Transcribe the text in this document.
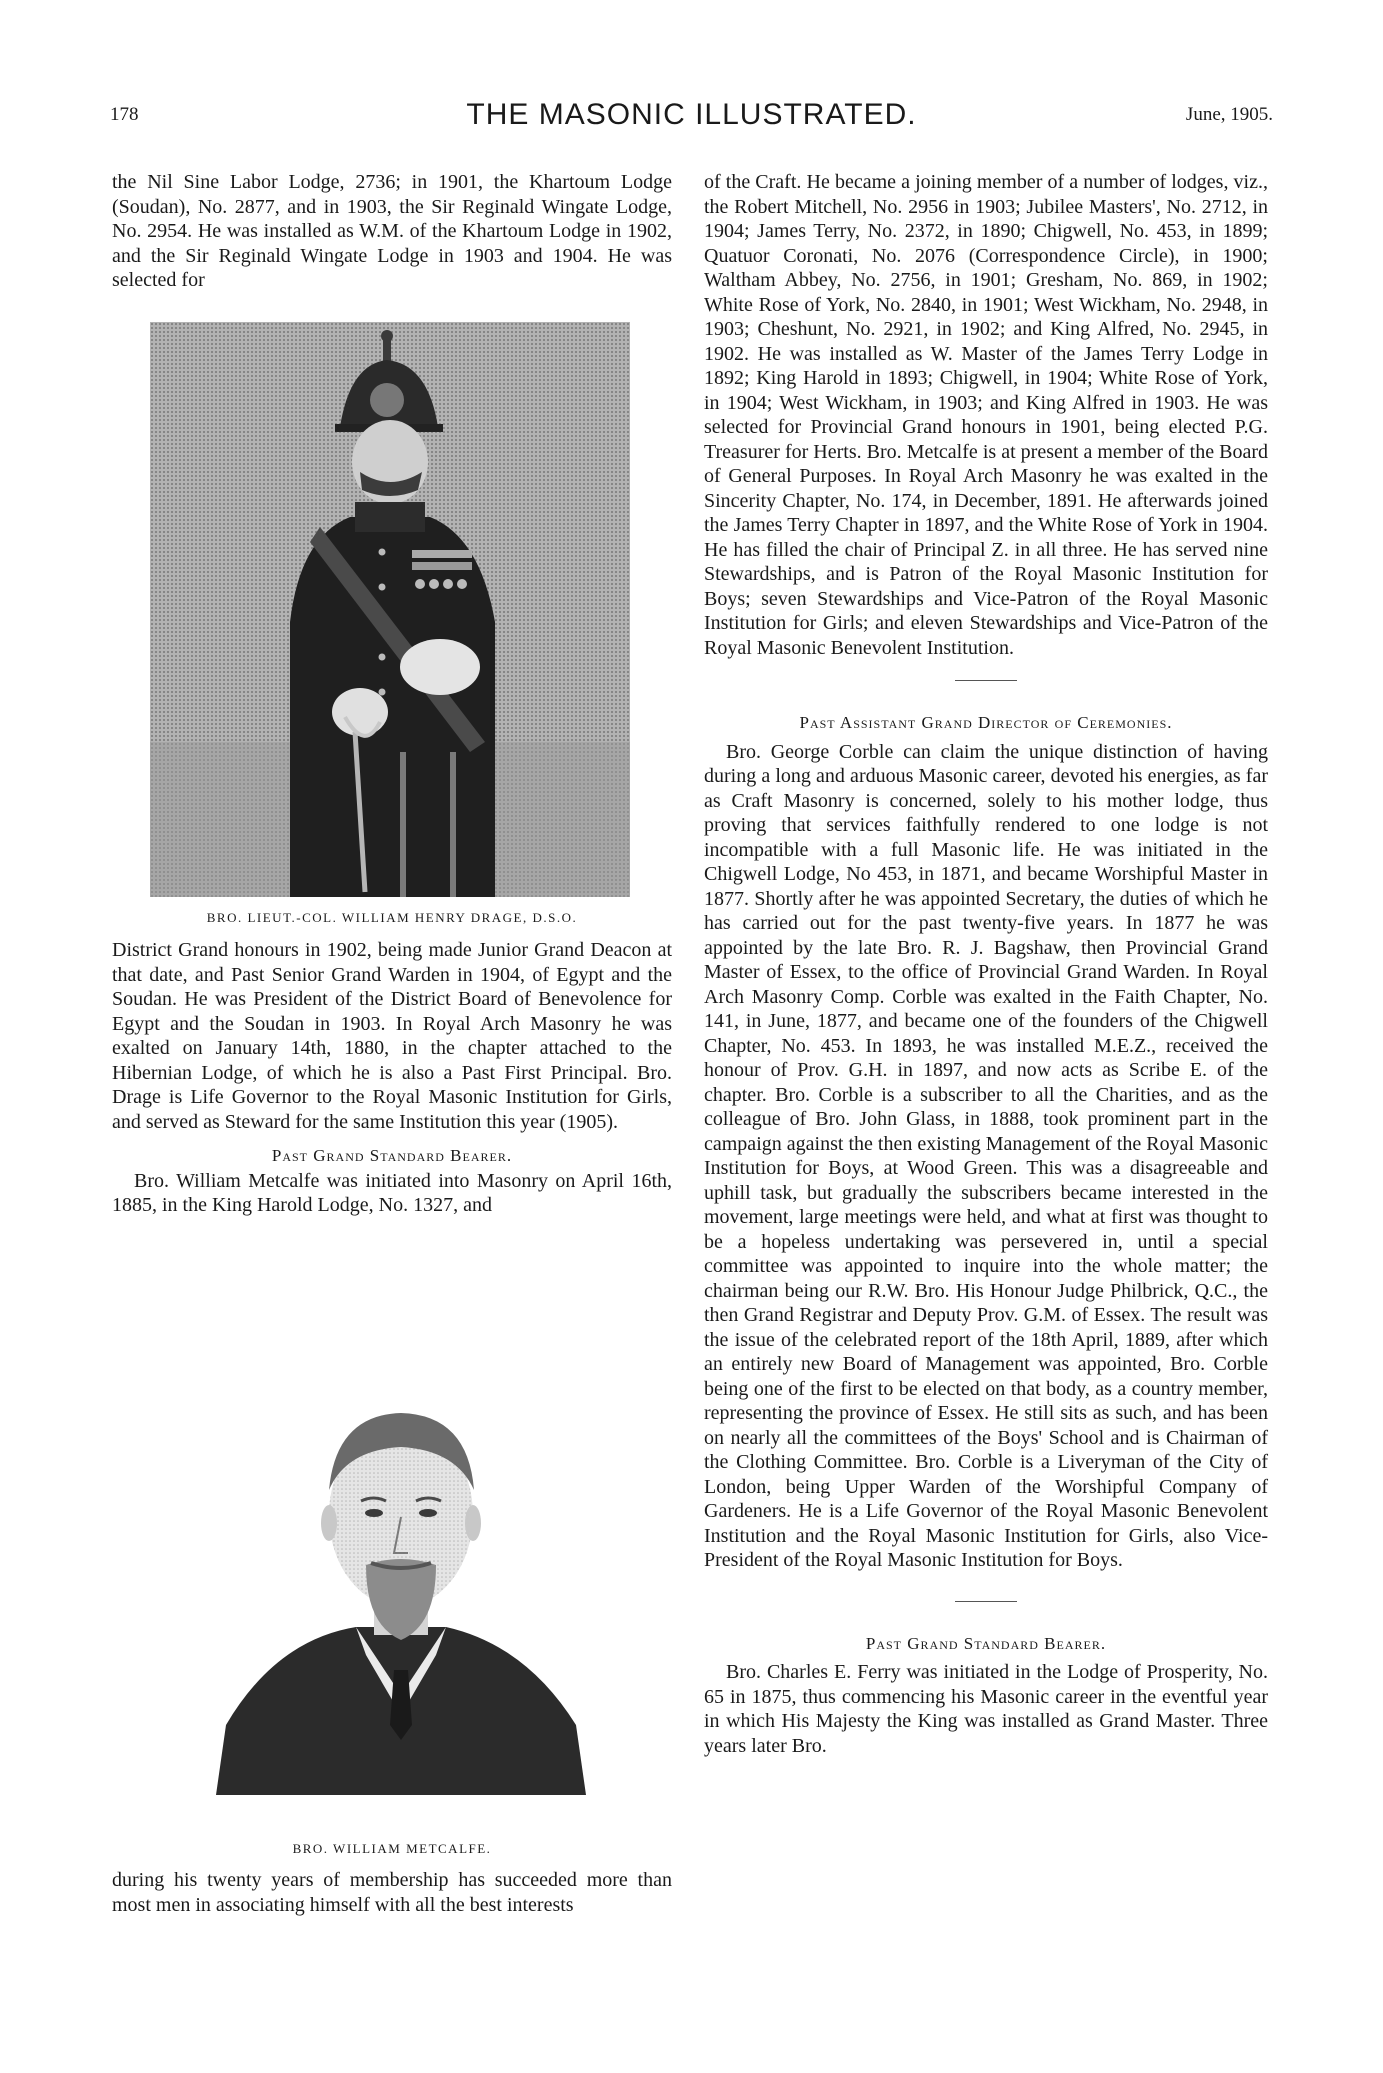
178	THE MASONIC ILLUSTRATED.	June, 1905.

the Nil Sine Labor Lodge, 2736; in 1901, the Khartoum Lodge (Soudan), No. 2877, and in 1903, the Sir Reginald Wingate Lodge, No. 2954. He was installed as W.M. of the Khartoum Lodge in 1902, and the Sir Reginald Wingate Lodge in 1903 and 1904. He was selected for

BRO. LIEUT.-COL. WILLIAM HENRY DRAGE, D.S.O.

District Grand honours in 1902, being made Junior Grand Deacon at that date, and Past Senior Grand Warden in 1904, of Egypt and the Soudan. He was President of the District Board of Benevolence for Egypt and the Soudan in 1903. In Royal Arch Masonry he was exalted on January 14th, 1880, in the chapter attached to the Hibernian Lodge, of which he is also a Past First Principal. Bro. Drage is Life Governor to the Royal Masonic Institution for Girls, and served as Steward for the same Institution this year (1905).

Past Grand Standard Bearer.

Bro. William Metcalfe was initiated into Masonry on April 16th, 1885, in the King Harold Lodge, No. 1327, and

BRO. WILLIAM METCALFE.

during his twenty years of membership has succeeded more than most men in associating himself with all the best interests

of the Craft. He became a joining member of a number of lodges, viz., the Robert Mitchell, No. 2956 in 1903; Jubilee Masters', No. 2712, in 1904; James Terry, No. 2372, in 1890; Chigwell, No. 453, in 1899; Quatuor Coronati, No. 2076 (Correspondence Circle), in 1900; Waltham Abbey, No. 2756, in 1901; Gresham, No. 869, in 1902; White Rose of York, No. 2840, in 1901; West Wickham, No. 2948, in 1903; Cheshunt, No. 2921, in 1902; and King Alfred, No. 2945, in 1902. He was installed as W. Master of the James Terry Lodge in 1892; King Harold in 1893; Chigwell, in 1904; White Rose of York, in 1904; West Wickham, in 1903; and King Alfred in 1903. He was selected for Provincial Grand honours in 1901, being elected P.G. Treasurer for Herts. Bro. Metcalfe is at present a member of the Board of General Purposes. In Royal Arch Masonry he was exalted in the Sincerity Chapter, No. 174, in December, 1891. He afterwards joined the James Terry Chapter in 1897, and the White Rose of York in 1904. He has filled the chair of Principal Z. in all three. He has served nine Stewardships, and is Patron of the Royal Masonic Institution for Boys; seven Stewardships and Vice-Patron of the Royal Masonic Institution for Girls; and eleven Stewardships and Vice-Patron of the Royal Masonic Benevolent Institution.

Past Assistant Grand Director of Ceremonies.

Bro. George Corble can claim the unique distinction of having during a long and arduous Masonic career, devoted his energies, as far as Craft Masonry is concerned, solely to his mother lodge, thus proving that services faithfully rendered to one lodge is not incompatible with a full Masonic life. He was initiated in the Chigwell Lodge, No 453, in 1871, and became Worshipful Master in 1877. Shortly after he was appointed Secretary, the duties of which he has carried out for the past twenty-five years. In 1877 he was appointed by the late Bro. R. J. Bagshaw, then Provincial Grand Master of Essex, to the office of Provincial Grand Warden. In Royal Arch Masonry Comp. Corble was exalted in the Faith Chapter, No. 141, in June, 1877, and became one of the founders of the Chigwell Chapter, No. 453. In 1893, he was installed M.E.Z., received the honour of Prov. G.H. in 1897, and now acts as Scribe E. of the chapter. Bro. Corble is a subscriber to all the Charities, and as the colleague of Bro. John Glass, in 1888, took prominent part in the campaign against the then existing Management of the Royal Masonic Institution for Boys, at Wood Green. This was a disagreeable and uphill task, but gradually the subscribers became interested in the movement, large meetings were held, and what at first was thought to be a hopeless undertaking was persevered in, until a special committee was appointed to inquire into the whole matter; the chairman being our R.W. Bro. His Honour Judge Philbrick, Q.C., the then Grand Registrar and Deputy Prov. G.M. of Essex. The result was the issue of the celebrated report of the 18th April, 1889, after which an entirely new Board of Management was appointed, Bro. Corble being one of the first to be elected on that body, as a country member, representing the province of Essex. He still sits as such, and has been on nearly all the committees of the Boys' School and is Chairman of the Clothing Committee. Bro. Corble is a Liveryman of the City of London, being Upper Warden of the Worshipful Company of Gardeners. He is a Life Governor of the Royal Masonic Benevolent Institution and the Royal Masonic Institution for Girls, also Vice-President of the Royal Masonic Institution for Boys.

Past Grand Standard Bearer.

Bro. Charles E. Ferry was initiated in the Lodge of Prosperity, No. 65 in 1875, thus commencing his Masonic career in the eventful year in which His Majesty the King was installed as Grand Master. Three years later Bro.
